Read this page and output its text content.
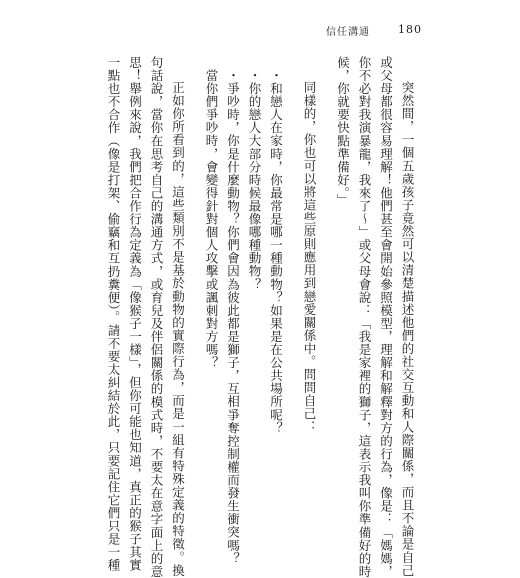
信任溝通	180
突然間，一個五歲孩子竟然可以清楚描述他們的社交互動和人際關係，而且不論是自己
或父母都很容易理解！他們甚至會開始參照模型，理解和解釋對方的行為，像是：「媽媽，
你不必對我演暴龍，我來了～」或父母會說：「我是家裡的獅子，這表示我叫你準備好的時
候，你就要快點準備好。」
同樣的，你也可以將這些原則應用到戀愛關係中。問問自己：
・和戀人在家時，你最常是哪一種動物？如果是在公共場所呢？
・你的戀人大部分時候最像哪種動物？
・爭吵時，你是什麼動物？你們會因為彼此都是獅子，互相爭奪控制權而發生衝突嗎？
當你們爭吵時，會變得針對個人攻擊或諷刺對方嗎？
正如你所看到的，這些類別不是基於動物的實際行為，而是一組有特殊定義的特徵。換
句話說，當你在思考自己的溝通方式，或育兒及伴侶關係的模式時，不要太在意字面上的意
思！舉例來說，我們把合作行為定義為「像猴子一樣」，但你可能也知道，真正的猴子其實
一點也不合作（像是打架、偷竊和互扔糞便）。請不要太糾結於此，只要記住它們只是一種
